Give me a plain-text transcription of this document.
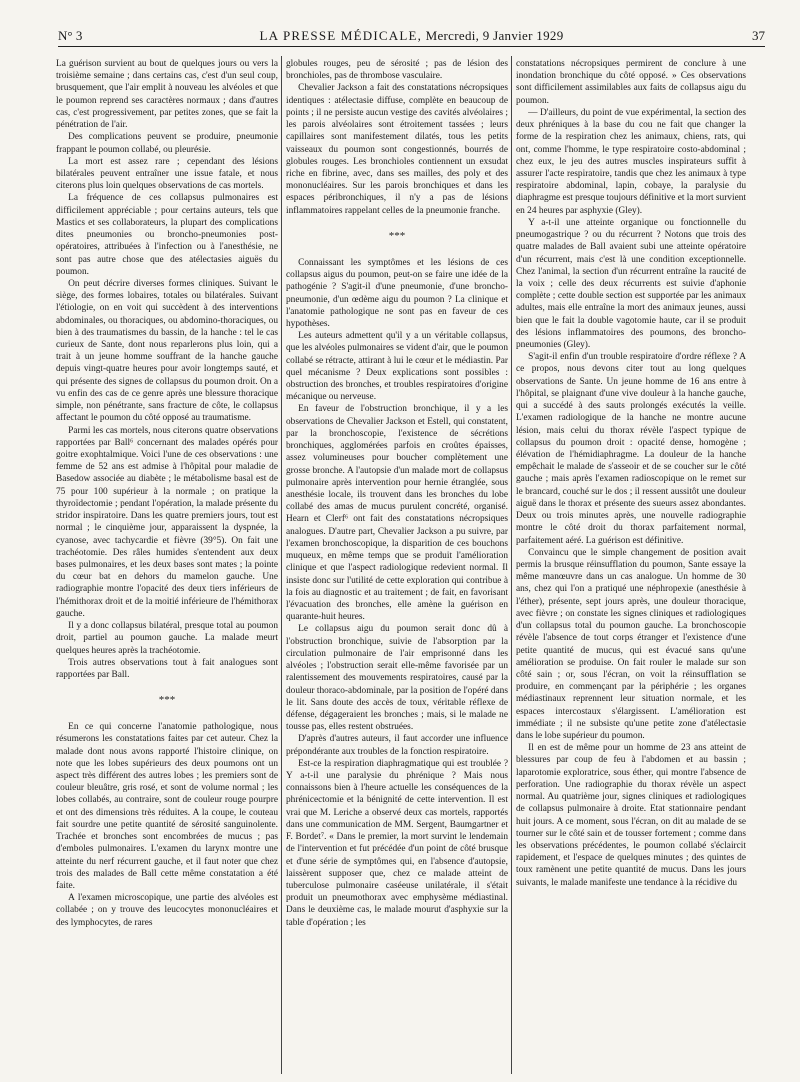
N° 3	LA PRESSE MÉDICALE, Mercredi, 9 Janvier 1929	37

La guérison survient au bout de quelques jours ou vers la troisième semaine ; dans certains cas, c'est d'un seul coup, brusquement, que l'air emplit à nouveau les alvéoles et que le poumon reprend ses caractères normaux ; dans d'autres cas, c'est progressivement, par petites zones, que se fait la pénétration de l'air.

Des complications peuvent se produire, pneumonie frappant le poumon collabé, ou pleurésie.

La mort est assez rare ; cependant des lésions bilatérales peuvent entraîner une issue fatale, et nous citerons plus loin quelques observations de cas mortels.

La fréquence de ces collapsus pulmonaires est difficilement appréciable ; pour certains auteurs, tels que Mastics et ses collaborateurs, la plupart des complications dites pneumonies ou broncho-pneumonies post-opératoires, attribuées à l'infection ou à l'anesthésie, ne sont pas autre chose que des atélectasies aiguës du poumon.

On peut décrire diverses formes cliniques. Suivant le siège, des formes lobaires, totales ou bilatérales. Suivant l'étiologie, on en voit qui succèdent à des interventions abdominales, ou thoraciques, ou abdomino-thoraciques, ou bien à des traumatismes du bassin, de la hanche : tel le cas curieux de Sante, dont nous reparlerons plus loin, qui a trait à un jeune homme souffrant de la hanche gauche depuis vingt-quatre heures pour avoir longtemps sauté, et qui présente des signes de collapsus du poumon droit. On a vu enfin des cas de ce genre après une blessure thoracique simple, non pénétrante, sans fracture de côte, le collapsus affectant le poumon du côté opposé au traumatisme.

Parmi les cas mortels, nous citerons quatre observations rapportées par Ball⁶ concernant des malades opérés pour goitre exophtalmique. Voici l'une de ces observations : une femme de 52 ans est admise à l'hôpital pour maladie de Basedow associée au diabète ; le métabolisme basal est de 75 pour 100 supérieur à la normale ; on pratique la thyroïdectomie ; pendant l'opération, la malade présente du stridor inspiratoire. Dans les quatre premiers jours, tout est normal ; le cinquième jour, apparaissent la dyspnée, la cyanose, avec tachycardie et fièvre (39°5). On fait une trachéotomie. Des râles humides s'entendent aux deux bases pulmonaires, et les deux bases sont mates ; la pointe du cœur bat en dehors du mamelon gauche. Une radiographie montre l'opacité des deux tiers inférieurs de l'hémithorax droit et de la moitié inférieure de l'hémithorax gauche.

Il y a donc collapsus bilatéral, presque total au poumon droit, partiel au poumon gauche. La malade meurt quelques heures après la trachéotomie.

Trois autres observations tout à fait analogues sont rapportées par Ball.

***

En ce qui concerne l'anatomie pathologique, nous résumerons les constatations faites par cet auteur. Chez la malade dont nous avons rapporté l'histoire clinique, on note que les lobes supérieurs des deux poumons ont un aspect très différent des autres lobes ; les premiers sont de couleur bleuâtre, gris rosé, et sont de volume normal ; les lobes collabés, au contraire, sont de couleur rouge pourpre et ont des dimensions très réduites. A la coupe, le couteau fait sourdre une petite quantité de sérosité sanguinolente. Trachée et bronches sont encombrées de mucus ; pas d'emboles pulmonaires. L'examen du larynx montre une atteinte du nerf récurrent gauche, et il faut noter que chez trois des malades de Ball cette même constatation a été faite.

A l'examen microscopique, une partie des alvéoles est collabée ; on y trouve des leucocytes mononucléaires et des lymphocytes, de rares

globules rouges, peu de sérosité ; pas de lésion des bronchioles, pas de thrombose vasculaire.

Chevalier Jackson a fait des constatations nécropsiques identiques : atélectasie diffuse, complète en beaucoup de points ; il ne persiste aucun vestige des cavités alvéolaires ; les parois alvéolaires sont étroitement tassées ; leurs capillaires sont manifestement dilatés, tous les petits vaisseaux du poumon sont congestionnés, bourrés de globules rouges. Les bronchioles contiennent un exsudat riche en fibrine, avec, dans ses mailles, des poly et des mononucléaires. Sur les parois bronchiques et dans les espaces péribronchiques, il n'y a pas de lésions inflammatoires rappelant celles de la pneumonie franche.

***

Connaissant les symptômes et les lésions de ces collapsus aigus du poumon, peut-on se faire une idée de la pathogénie ? S'agit-il d'une pneumonie, d'une broncho-pneumonie, d'un œdème aigu du poumon ? La clinique et l'anatomie pathologique ne sont pas en faveur de ces hypothèses.

Les auteurs admettent qu'il y a un véritable collapsus, que les alvéoles pulmonaires se vident d'air, que le poumon collabé se rétracte, attirant à lui le cœur et le médiastin. Par quel mécanisme ? Deux explications sont possibles : obstruction des bronches, et troubles respiratoires d'origine mécanique ou nerveuse.

En faveur de l'obstruction bronchique, il y a les observations de Chevalier Jackson et Estell, qui constatent, par la bronchoscopie, l'existence de sécrétions bronchiques, agglomérées parfois en croûtes épaisses, assez volumineuses pour boucher complètement une grosse bronche. A l'autopsie d'un malade mort de collapsus pulmonaire après intervention pour hernie étranglée, sous anesthésie locale, ils trouvent dans les bronches du lobe collabé des amas de mucus purulent concrété, organisé. Hearn et Clerf⁶ ont fait des constatations nécropsiques analogues. D'autre part, Chevalier Jackson a pu suivre, par l'examen bronchoscopique, la disparition de ces bouchons muqueux, en même temps que se produit l'amélioration clinique et que l'aspect radiologique redevient normal. Il insiste donc sur l'utilité de cette exploration qui contribue à la fois au diagnostic et au traitement ; de fait, en favorisant l'évacuation des bronches, elle amène la guérison en quarante-huit heures.

Le collapsus aigu du poumon serait donc dû à l'obstruction bronchique, suivie de l'absorption par la circulation pulmonaire de l'air emprisonné dans les alvéoles ; l'obstruction serait elle-même favorisée par un ralentissement des mouvements respiratoires, causé par la douleur thoraco-abdominale, par la position de l'opéré dans le lit. Sans doute des accès de toux, véritable réflexe de défense, dégageraient les bronches ; mais, si le malade ne tousse pas, elles restent obstruées.

D'après d'autres auteurs, il faut accorder une influence prépondérante aux troubles de la fonction respiratoire.

Est-ce la respiration diaphragmatique qui est troublée ? Y a-t-il une paralysie du phrénique ? Mais nous connaissons bien à l'heure actuelle les conséquences de la phrénicectomie et la bénignité de cette intervention. Il est vrai que M. Leriche a observé deux cas mortels, rapportés dans une communication de MM. Sergent, Baumgartner et F. Bordet⁷. « Dans le premier, la mort survint le lendemain de l'intervention et fut précédée d'un point de côté brusque et d'une série de symptômes qui, en l'absence d'autopsie, laissèrent supposer que, chez ce malade atteint de tuberculose pulmonaire caséeuse unilatérale, il s'était produit un pneumothorax avec emphysème médiastinal. Dans le deuxième cas, le malade mourut d'asphyxie sur la table d'opération ; les

constatations nécropsiques permirent de conclure à une inondation bronchique du côté opposé. » Ces observations sont difficilement assimilables aux faits de collapsus aigu du poumon.

— D'ailleurs, du point de vue expérimental, la section des deux phréniques à la base du cou ne fait que changer la forme de la respiration chez les animaux, chiens, rats, qui ont, comme l'homme, le type respiratoire costo-abdominal ; chez eux, le jeu des autres muscles inspirateurs suffit à assurer l'acte respiratoire, tandis que chez les animaux à type respiratoire abdominal, lapin, cobaye, la paralysie du diaphragme est presque toujours définitive et la mort survient en 24 heures par asphyxie (Gley).

Y a-t-il une atteinte organique ou fonctionnelle du pneumogastrique ? ou du récurrent ? Notons que trois des quatre malades de Ball avaient subi une atteinte opératoire d'un récurrent, mais c'est là une condition exceptionnelle. Chez l'animal, la section d'un récurrent entraîne la raucité de la voix ; celle des deux récurrents est suivie d'aphonie complète ; cette double section est supportée par les animaux adultes, mais elle entraîne la mort des animaux jeunes, aussi bien que le fait la double vagotomie haute, car il se produit des lésions inflammatoires des poumons, des broncho-pneumonies (Gley).

S'agit-il enfin d'un trouble respiratoire d'ordre réflexe ? A ce propos, nous devons citer tout au long quelques observations de Sante. Un jeune homme de 16 ans entre à l'hôpital, se plaignant d'une vive douleur à la hanche gauche, qui a succédé à des sauts prolongés exécutés la veille. L'examen radiologique de la hanche ne montre aucune lésion, mais celui du thorax révèle l'aspect typique de collapsus du poumon droit : opacité dense, homogène ; élévation de l'hémidiaphragme. La douleur de la hanche empêchait le malade de s'asseoir et de se coucher sur le côté gauche ; mais après l'examen radioscopique on le remet sur le brancard, couché sur le dos ; il ressent aussitôt une douleur aiguë dans le thorax et présente des sueurs assez abondantes. Deux ou trois minutes après, une nouvelle radiographie montre le côté droit du thorax parfaitement normal, parfaitement aéré. La guérison est définitive.

Convaincu que le simple changement de position avait permis la brusque réinsufflation du poumon, Sante essaye la même manœuvre dans un cas analogue. Un homme de 30 ans, chez qui l'on a pratiqué une néphropexie (anesthésie à l'éther), présente, sept jours après, une douleur thoracique, avec fièvre ; on constate les signes cliniques et radiologiques d'un collapsus total du poumon gauche. La bronchoscopie révèle l'absence de tout corps étranger et l'existence d'une petite quantité de mucus, qui est évacué sans qu'une amélioration se produise. On fait rouler le malade sur son côté sain ; or, sous l'écran, on voit la réinsufflation se produire, en commençant par la périphérie ; les organes médiastinaux reprennent leur situation normale, et les espaces intercostaux s'élargissent. L'amélioration est immédiate ; il ne subsiste qu'une petite zone d'atélectasie dans le lobe supérieur du poumon.

Il en est de même pour un homme de 23 ans atteint de blessures par coup de feu à l'abdomen et au bassin ; laparotomie exploratrice, sous éther, qui montre l'absence de perforation. Une radiographie du thorax révèle un aspect normal. Au quatrième jour, signes cliniques et radiologiques de collapsus pulmonaire à droite. Etat stationnaire pendant huit jours. A ce moment, sous l'écran, on dit au malade de se tourner sur le côté sain et de tousser fortement ; comme dans les observations précédentes, le poumon collabé s'éclaircit rapidement, et l'espace de quelques minutes ; des quintes de toux ramènent une petite quantité de mucus. Dans les jours suivants, le malade manifeste une tendance à la récidive du
